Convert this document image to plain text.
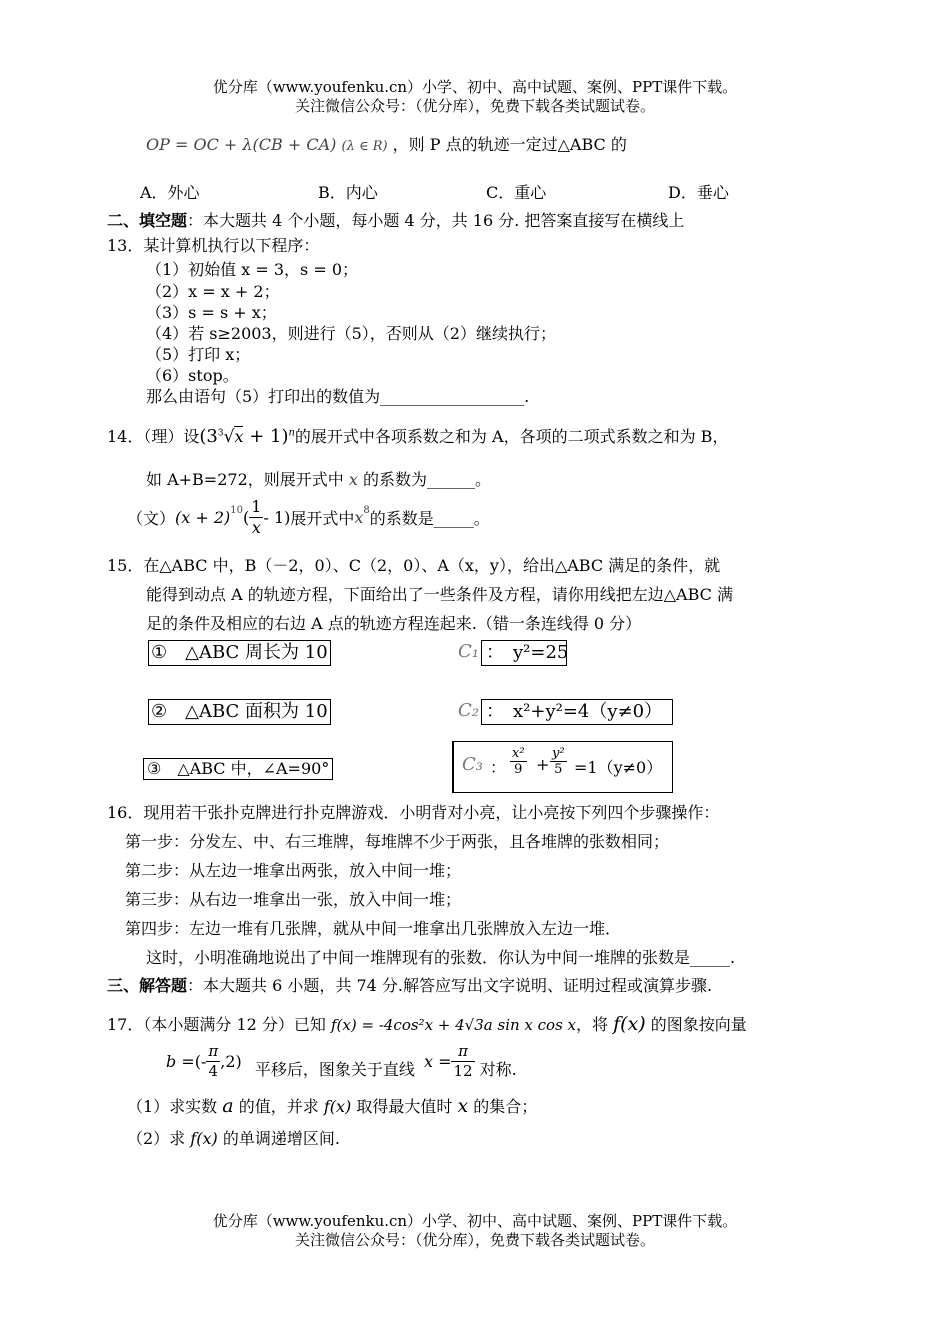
优分库（www.youfenku.cn）小学、初中、高中试题、案例、PPT课件下载。
关注微信公众号：（优分库），免费下载各类试题试卷。
OP = OC + λ(CB + CA) (λ ∈ R) ，则 P 点的轨迹一定过△ABC 的
A．外心	B．内心	C．重心	D．垂心
二、填空题：本大题共 4 个小题，每小题 4 分，共 16 分. 把答案直接写在横线上
13．某计算机执行以下程序：
（1）初始值 x = 3，s = 0；
（2）x = x + 2；
（3）s = s + x；
（4）若 s≥2003，则进行（5），否则从（2）继续执行；
（5）打印 x；
（6）stop。
那么由语句（5）打印出的数值为__________________.
14．（理）设$(3^3√x + 1)^n$的展开式中各项系数之和为 A，各项的二项式系数之和为 B，
如 A+B=272，则展开式中 x 的系数为______。
（文）$(x + 2)10( \frac{1}{x} - 1)$展开式中x8的系数是_____。
15．在△ABC 中，B（－2，0）、C（2，0）、A（x，y），给出△ABC 满足的条件，就
能得到动点 A 的轨迹方程，下面给出了一些条件及方程，请你用线把左边△ABC 满
足的条件及相应的右边 A 点的轨迹方程连起来.（错一条连线得 0 分）
①　△ABC 周长为 10
②　△ABC 面积为 10
③　△ABC 中，∠A=90°
C₁ ：　y²=25
C₂ ：　x²+y²=4（y≠0）
C₃ ： $\frac{\text{x²}}{9} + \frac{\text{y²}}{5} =1(y\ne 0)$
16．现用若干张扑克牌进行扑克牌游戏．小明背对小亮，让小亮按下列四个步骤操作：
第一步：分发左、中、右三堆牌，每堆牌不少于两张，且各堆牌的张数相同；
第二步：从左边一堆拿出两张，放入中间一堆；
第三步：从右边一堆拿出一张，放入中间一堆；
第四步：左边一堆有几张牌，就从中间一堆拿出几张牌放入左边一堆．
这时，小明准确地说出了中间一堆牌现有的张数．你认为中间一堆牌的张数是_____.
三、解答题：本大题共 6 小题，共 74 分.解答应写出文字说明、证明过程或演算步骤.
17．（本小题满分 12 分）已知 f(x) = -4cos²x + 4√3a sin x cos x，将 f(x) 的图象按向量
b =(- $\frac{\pi}{4} ,2$) 平移后，图象关于直线 $x = \frac{\pi}{12}$ 对称.
（1）求实数 a 的值，并求 f(x) 取得最大值时 x 的集合；
（2）求 f(x) 的单调递增区间.
优分库（www.youfenku.cn）小学、初中、高中试题、案例、PPT课件下载。
关注微信公众号：（优分库），免费下载各类试题试卷。
